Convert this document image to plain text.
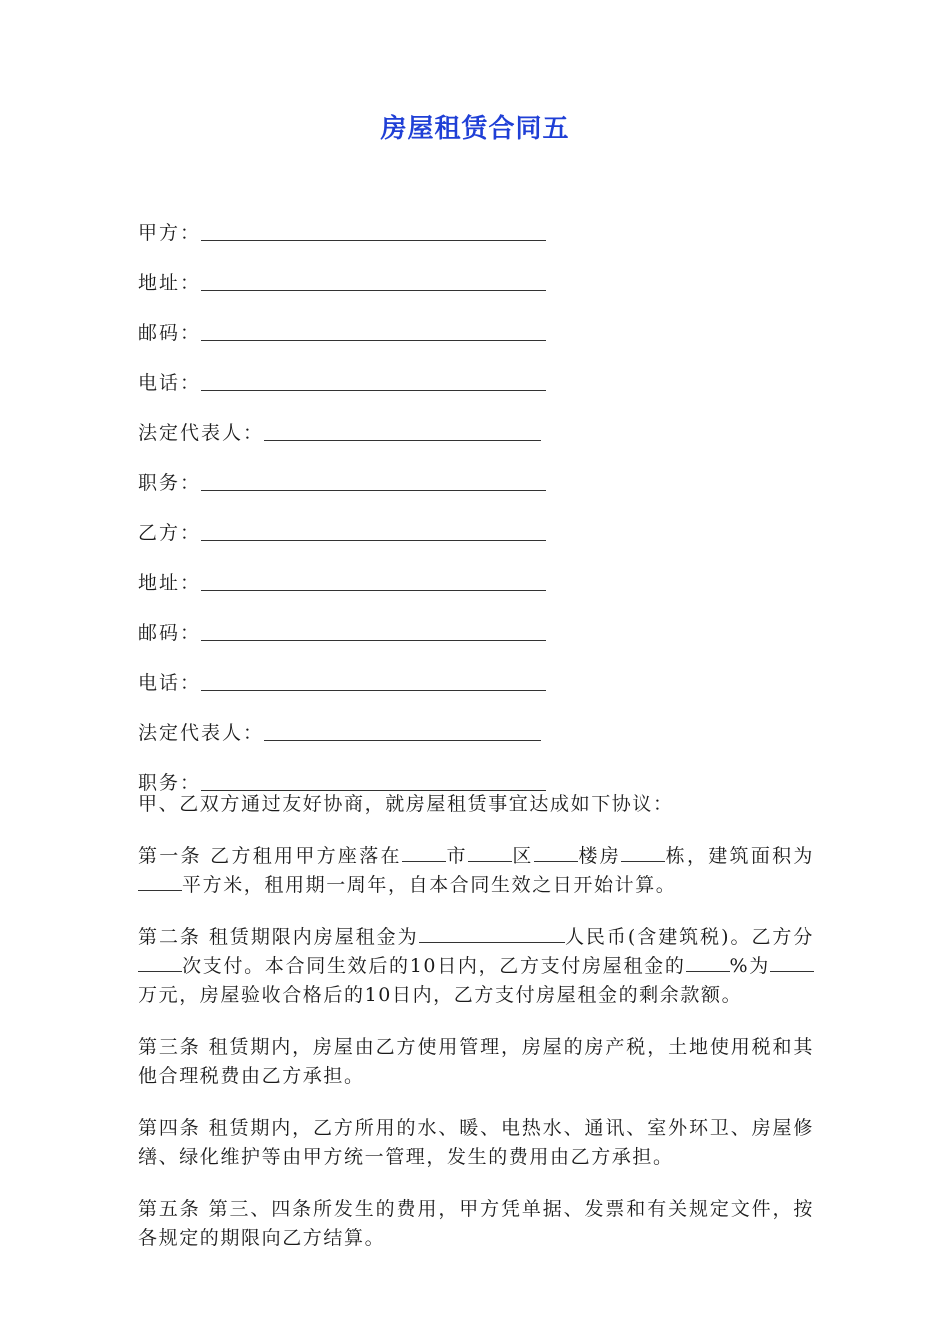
房屋租赁合同五
甲方：
地址：
邮码：
电话：
法定代表人：
职务：
乙方：
地址：
邮码：
电话：
法定代表人：
职务：

甲、乙双方通过友好协商，就房屋租赁事宜达成如下协议：

第一条 乙方租用甲方座落在 市 区 楼房 栋，建筑面积为平方米，租用期一周年，自本合同生效之日开始计算。

第二条 租赁期限内房屋租金为	人民币(含建筑税)。乙方分次支付。本合同生效后的10日内，乙方支付房屋租金的 %为万元，房屋验收合格后的10日内，乙方支付房屋租金的剩余款额。

第三条 租赁期内，房屋由乙方使用管理，房屋的房产税，土地使用税和其他合理税费由乙方承担。

第四条 租赁期内，乙方所用的水、暖、电热水、通讯、室外环卫、房屋修缮、绿化维护等由甲方统一管理，发生的费用由乙方承担。

第五条 第三、四条所发生的费用，甲方凭单据、发票和有关规定文件，按各规定的期限向乙方结算。
